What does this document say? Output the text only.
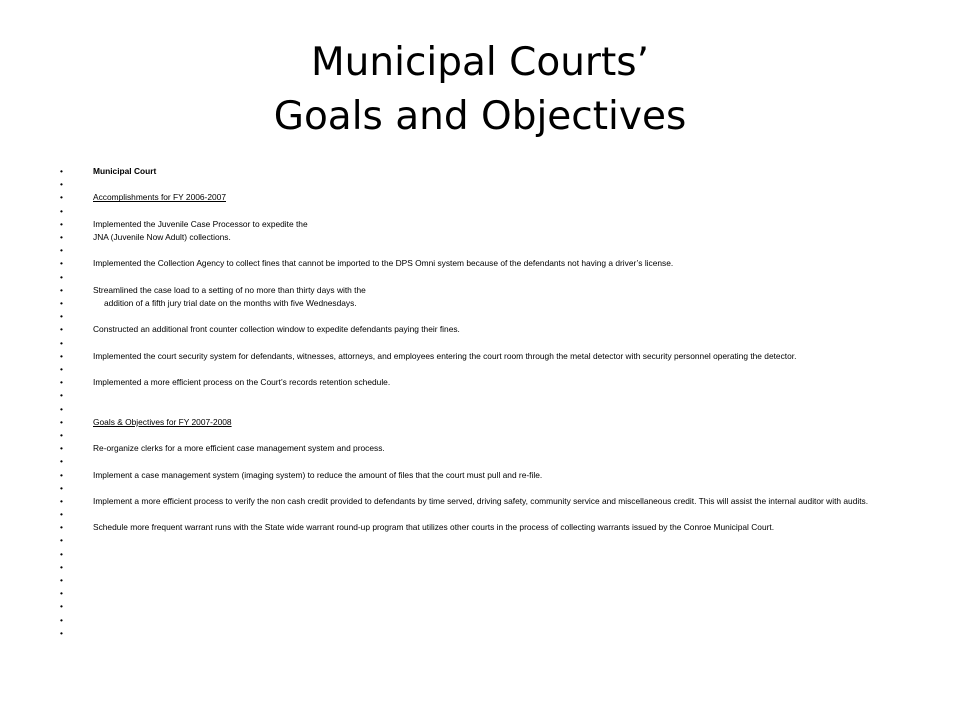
Municipal Courts’
Goals and Objectives
•	Municipal Court
•
•	Accomplishments for FY 2006-2007
•
•	Implemented the Juvenile Case Processor to expedite the
•	JNA (Juvenile Now Adult) collections.
•
•	Implemented the Collection Agency to collect fines that cannot be imported to the DPS Omni system because of the defendants not having a driver’s license.
•
•	Streamlined the case load to a setting of no more than thirty days with the
•	addition of a fifth jury trial date on the months with five Wednesdays.
•
•	Constructed an additional front counter collection window to expedite defendants paying their fines.
•
•	Implemented the court security system for defendants, witnesses, attorneys, and employees entering the court room through the metal detector with security personnel operating the detector.
•
•	Implemented a more efficient process on the Court’s records retention schedule.
•
•
•	Goals & Objectives for FY 2007-2008
•
•	Re-organize clerks for a more efficient case management system and process.
•
•	Implement a case management system (imaging system) to reduce the amount of files that the court must pull and re-file.
•
•	Implement a more efficient process to verify the non cash credit provided to defendants by time served, driving safety, community service and miscellaneous credit. This will assist the internal auditor with audits.
•
•	Schedule more frequent warrant runs with the State wide warrant round-up program that utilizes other courts in the process of collecting warrants issued by the Conroe Municipal Court.
•
•
•
•
•
•
•
•
